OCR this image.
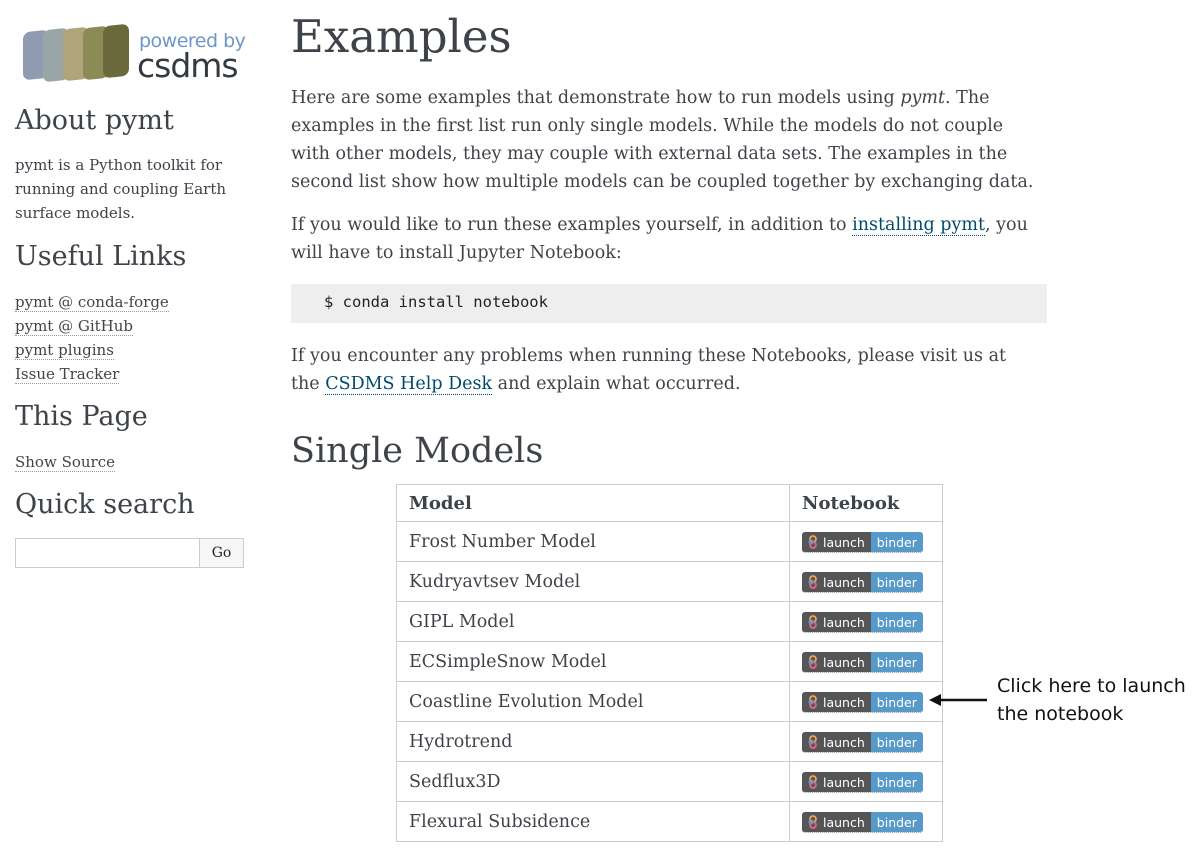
powered by
csdms
About pymt

pymt is a Python toolkit for running and coupling Earth surface models.

Useful Links
pymt @ conda-forge
pymt @ GitHub
pymt plugins
Issue Tracker
This Page
Show Source
Quick search
Go
Examples

Here are some examples that demonstrate how to run models using pymt. The examples in the first list run only single models. While the models do not couple with other models, they may couple with external data sets. The examples in the second list show how multiple models can be coupled together by exchanging data.

If you would like to run these examples yourself, in addition to installing pymt, you will have to install Jupyter Notebook:

$ conda install notebook

If you encounter any problems when running these Notebooks, please visit us at the CSDMS Help Desk and explain what occurred.

Single Models
Model	Notebook
Frost Number Model	launch binder

Kudryavtsev Model	launch binder

GIPL Model	launch binder

ECSimpleSnow Model	launch binder

Coastline Evolution Model	launch binder

Hydrotrend	launch binder

Sedflux3D	launch binder

Flexural Subsidence	launch binder
Click here to launch
the notebook
